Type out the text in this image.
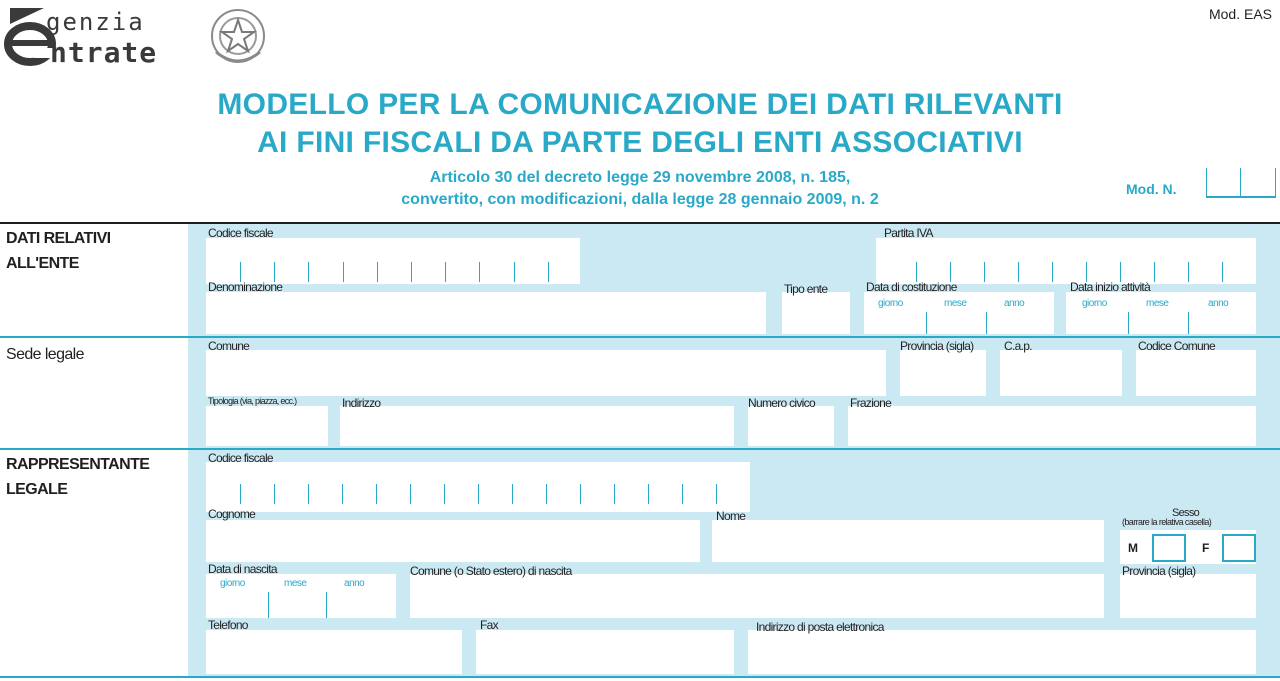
genzia
ntrate
Mod. EAS
MODELLO PER LA COMUNICAZIONE DEI DATI RILEVANTI
AI FINI FISCALI DA PARTE DEGLI ENTI ASSOCIATIVI
Articolo 30 del decreto legge 29 novembre 2008, n. 185,
convertito, con modificazioni, dalla legge 28 gennaio 2009, n. 2
Mod. N.
DATI RELATIVI
ALL'ENTE
Codice fiscale	Partita IVA
Denominazione	Tipo ente	Data di costituzione
giorno	mese	anno
Data inizio attività
giorno	mese	anno
Sede legale	Comune	Provincia (sigla)	C.a.p.	Codice Comune
Tipologia (via, piazza, ecc.)	Indirizzo	Numero civico	Frazione
RAPPRESENTANTE
LEGALE
Codice fiscale
Cognome	Nome	Sesso
(barrare la relativa casella)
M	F
Data di nascita
giorno	mese	anno
Comune (o Stato estero) di nascita	Provincia (sigla)
Telefono	Fax	Indirizzo di posta elettronica
